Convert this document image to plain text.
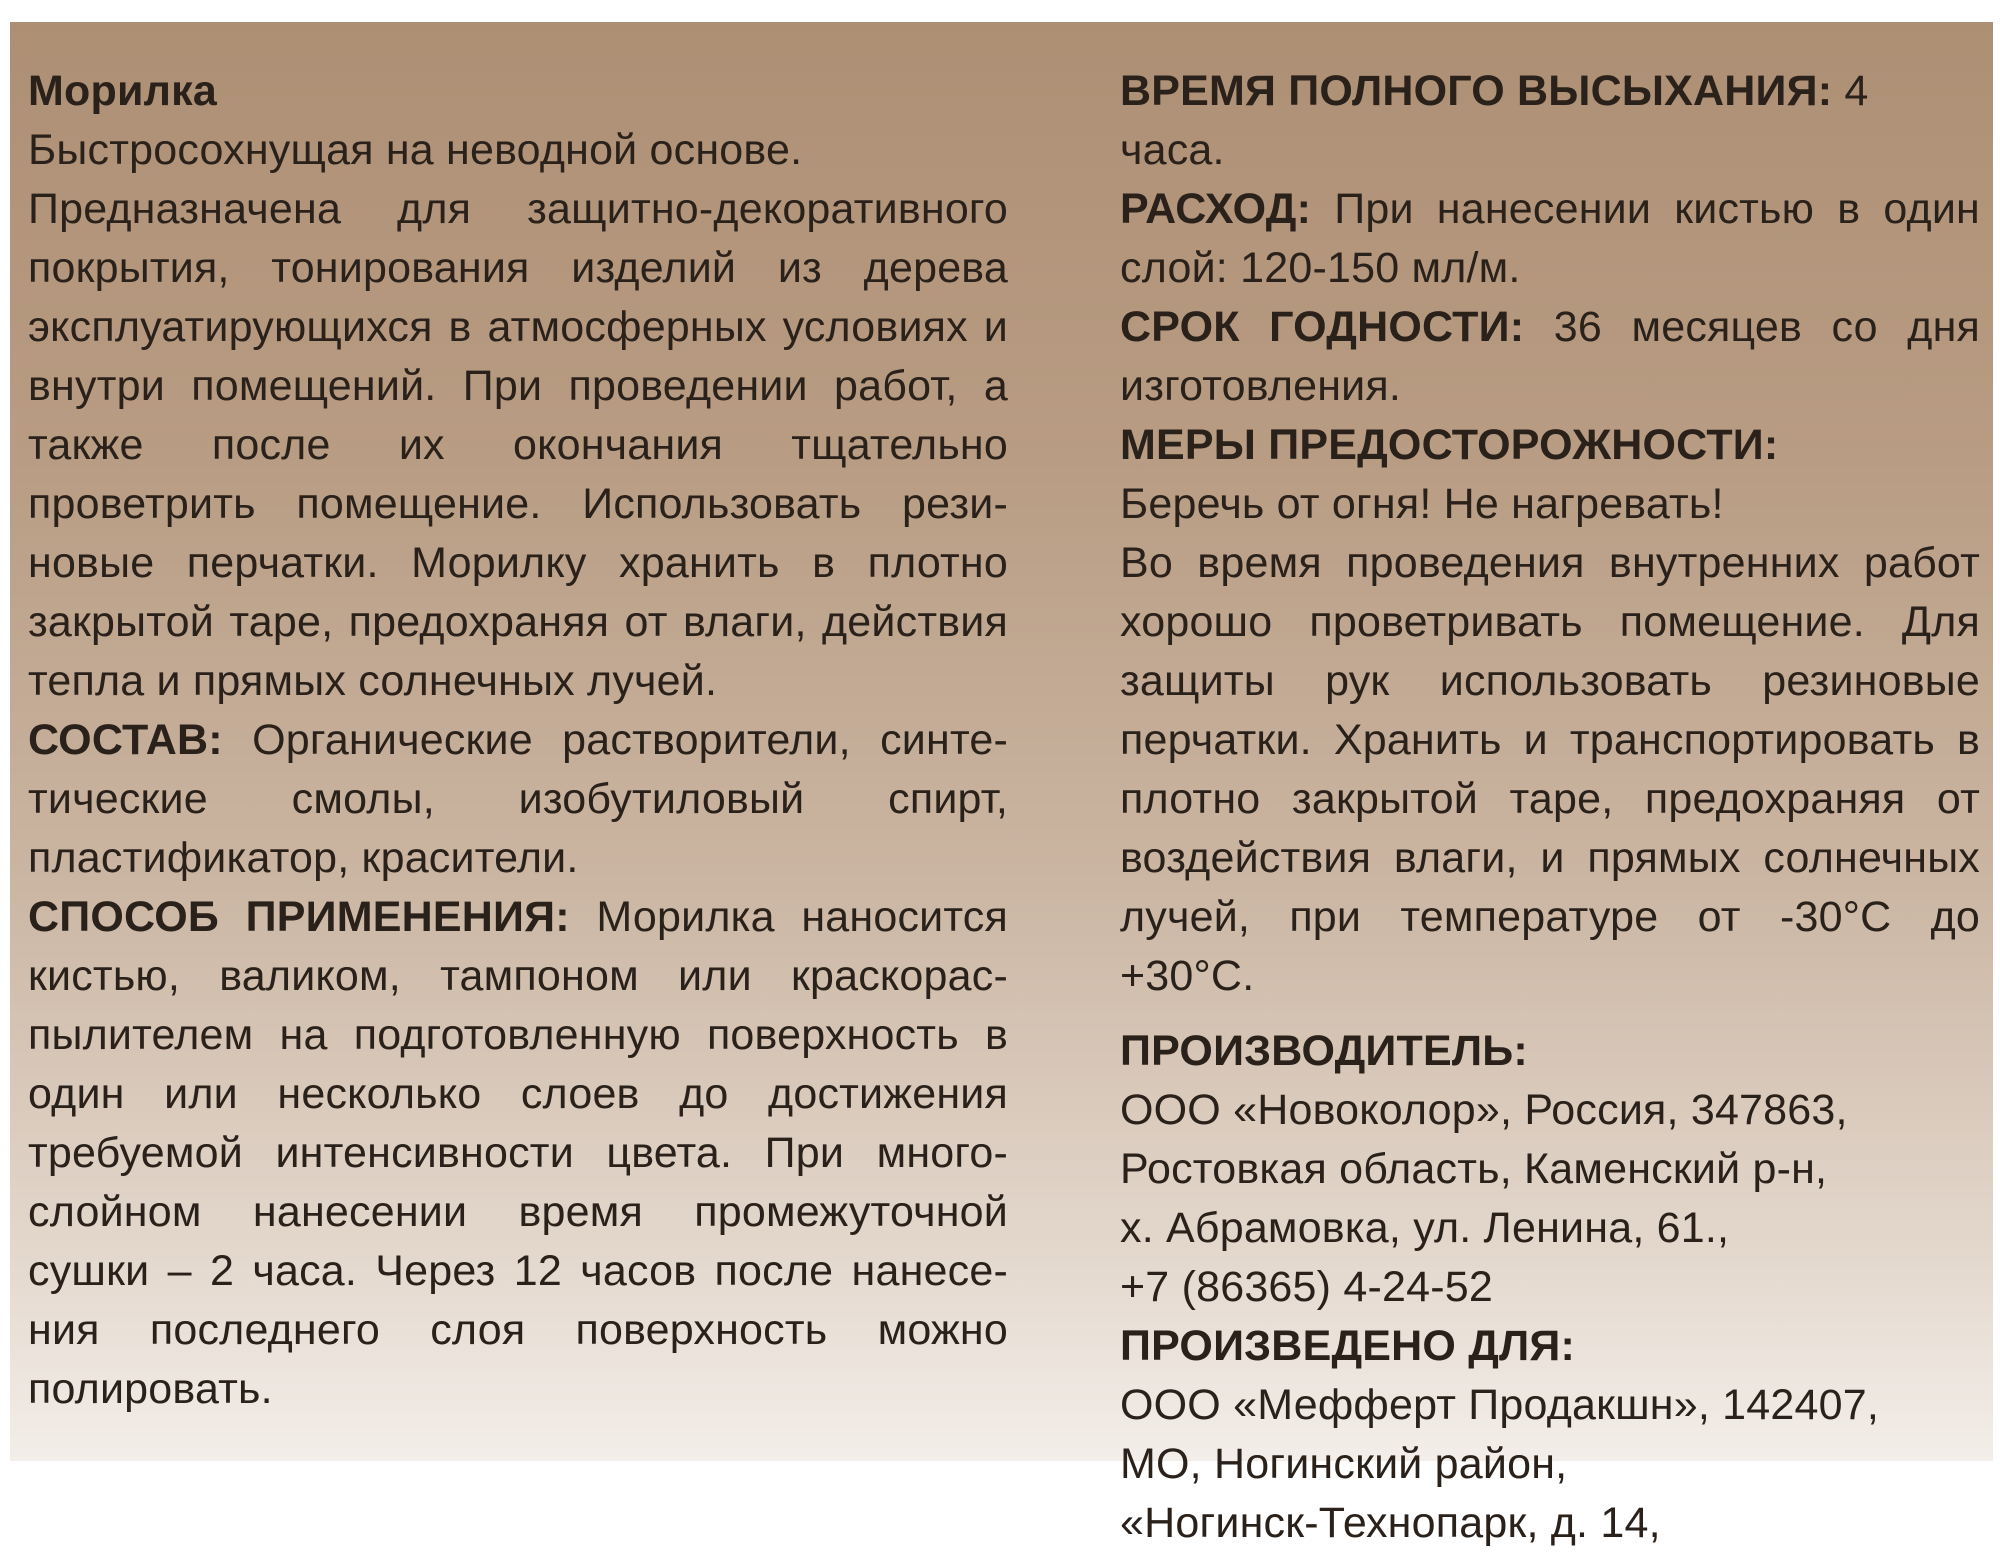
Морилка

Быстросохнущая на неводной основе.

Предназначена для защитно-декоративного покрытия, тонирования изделий из дерева эксплуатирующихся в атмосферных условиях и внутри помещений. При проведении работ, а также после их окончания тщательно проветрить помещение. Использовать рези-новые перчатки. Морилку хранить в плотно закрытой таре, предохраняя от влаги, действия тепла и прямых солнечных лучей.

СОСТАВ: Органические растворители, синте-тические смолы, изобутиловый спирт, пластификатор, красители.

СПОСОБ ПРИМЕНЕНИЯ: Морилка наносится кистью, валиком, тампоном или краскорас-пылителем на подготовленную поверхность в один или несколько слоев до достижения требуемой интенсивности цвета. При много-слойном нанесении время промежуточной сушки – 2 часа. Через 12 часов после нанесе-ния последнего слоя поверхность можно полировать.

ВРЕМЯ ПОЛНОГО ВЫСЫХАНИЯ: 4 часа.

РАСХОД: При нанесении кистью в один слой: 120-150 мл/м.

СРОК ГОДНОСТИ: 36 месяцев со дня изготовления.

МЕРЫ ПРЕДОСТОРОЖНОСТИ:

Беречь от огня! Не нагревать!

Во время проведения внутренних работ хорошо проветривать помещение. Для защиты рук использовать резиновые перчатки. Хранить и транспортировать в плотно закрытой таре, предохраняя от воздействия влаги, и прямых солнечных лучей, при температуре от -30°С до +30°С.

ПРОИЗВОДИТЕЛЬ:

ООО «Новоколор», Россия, 347863,

Ростовкая область, Каменский р-н,

х. Абрамовка, ул. Ленина, 61.,

+7 (86365) 4-24-52

ПРОИЗВЕДЕНО ДЛЯ:

ООО «Мефферт Продакшн», 142407,

МО, Ногинский район,

«Ногинск-Технопарк, д. 14,
